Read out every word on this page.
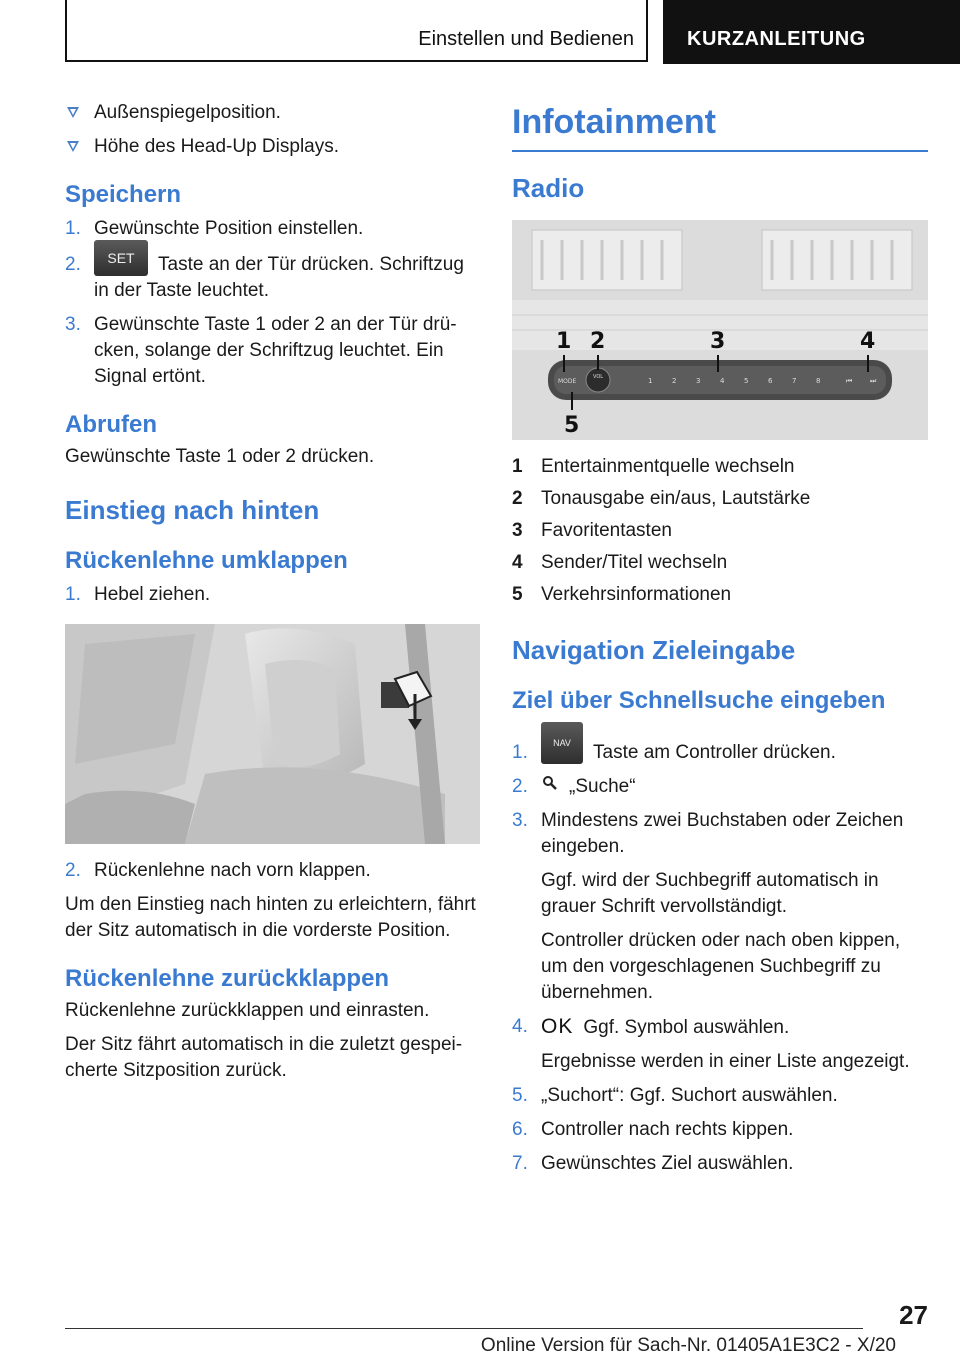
Einstellen und Bedienen	KURZANLEITUNG
Außenspiegelposition.
Höhe des Head-Up Displays.
Speichern
1. Gewünschte Position einstellen.
2. SET Taste an der Tür drücken. Schriftzug in der Taste leuchtet.
3. Gewünschte Taste 1 oder 2 an der Tür drücken, solange der Schriftzug leuchtet. Ein Signal ertönt.
Abrufen
Gewünschte Taste 1 oder 2 drücken.
Einstieg nach hinten
Rückenlehne umklappen
1. Hebel ziehen.
2. Rückenlehne nach vorn klappen.
Um den Einstieg nach hinten zu erleichtern, fährt der Sitz automatisch in die vorderste Position.
Rückenlehne zurückklappen
Rückenlehne zurückklappen und einrasten.
Der Sitz fährt automatisch in die zuletzt gespeicherte Sitzposition zurück.
Infotainment
Radio
MODE
VOL	1	2	3	4	5	6	7	8	⏮	⏭
1 2	3	4
5
1 Entertainmentquelle wechseln
2 Tonausgabe ein/aus, Lautstärke
3 Favoritentasten
4 Sender/Titel wechseln
5 Verkehrsinformationen
Navigation Zieleingabe
Ziel über Schnellsuche eingeben
1.	NAV Taste am Controller drücken.
2. „Suche“
3. Mindestens zwei Buchstaben oder Zeichen eingeben.
Ggf. wird der Suchbegriff automatisch in grauer Schrift vervollständigt.
Controller drücken oder nach oben kippen, um den vorgeschlagenen Suchbegriff zu übernehmen.
4. OK Ggf. Symbol auswählen.
Ergebnisse werden in einer Liste angezeigt.
5. „Suchort“: Ggf. Suchort auswählen.
6. Controller nach rechts kippen.
7. Gewünschtes Ziel auswählen.
27
Online Version für Sach-Nr. 01405A1E3C2 - X/20
